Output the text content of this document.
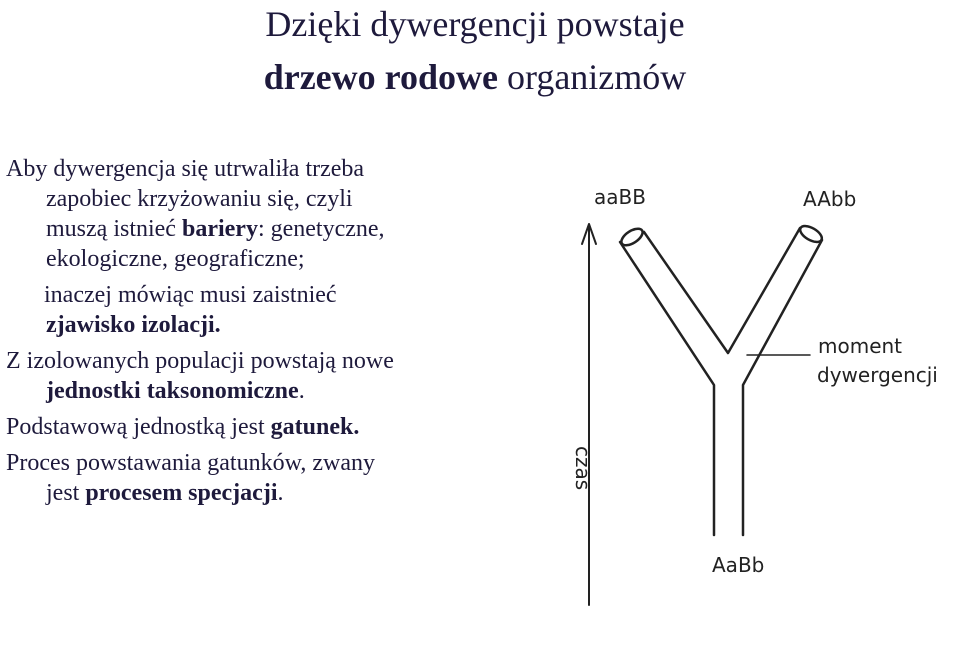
Dzięki dywergencji powstaje
drzewo rodowe organizmów

Aby dywergencja się utrwaliła trzeba

zapobiec krzyżowaniu się, czyli

muszą istnieć bariery: genetyczne,

ekologiczne, geograficzne;

inaczej mówiąc musi zaistnieć

zjawisko izolacji.

Z izolowanych populacji powstają nowe

jednostki taksonomiczne.

Podstawową jednostką jest gatunek.

Proces powstawania gatunków, zwany

jest procesem specjacji.

aaBB	AAbb
AaBb
moment
dywergencji
czas
